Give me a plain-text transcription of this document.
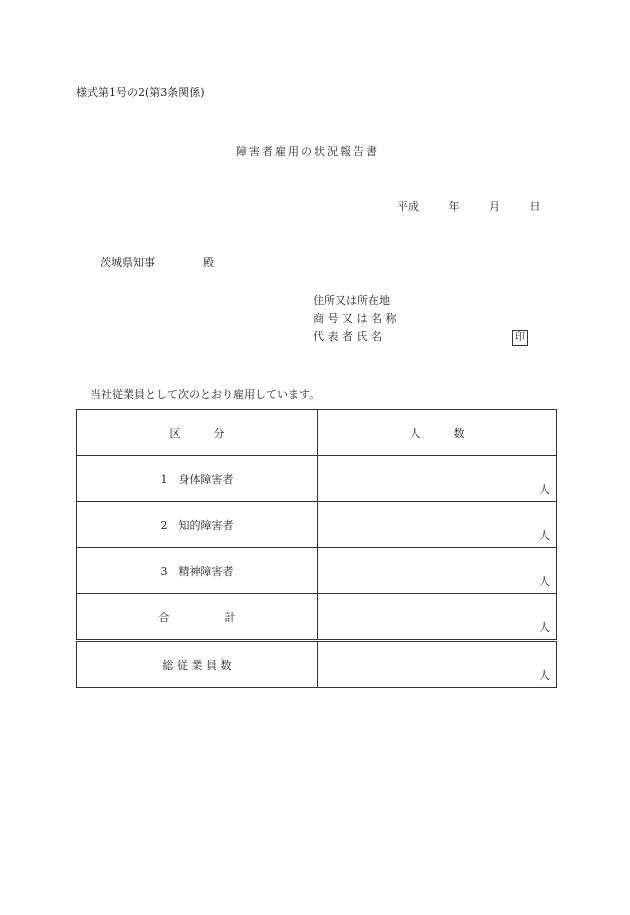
様式第1号の2(第3条関係)
障害者雇用の状況報告書
平成	年	月	日
茨城県知事	殿
住所又は所在地
商 号 又 は 名 称
代 表 者 氏 名	印
当社従業員として次のとおり雇用しています。
区　　　分	人　　　数
1　身体障害者	人

2　知的障害者	人

3　精神障害者	人

合　　　　　計	人

総 従 業 員 数	人
